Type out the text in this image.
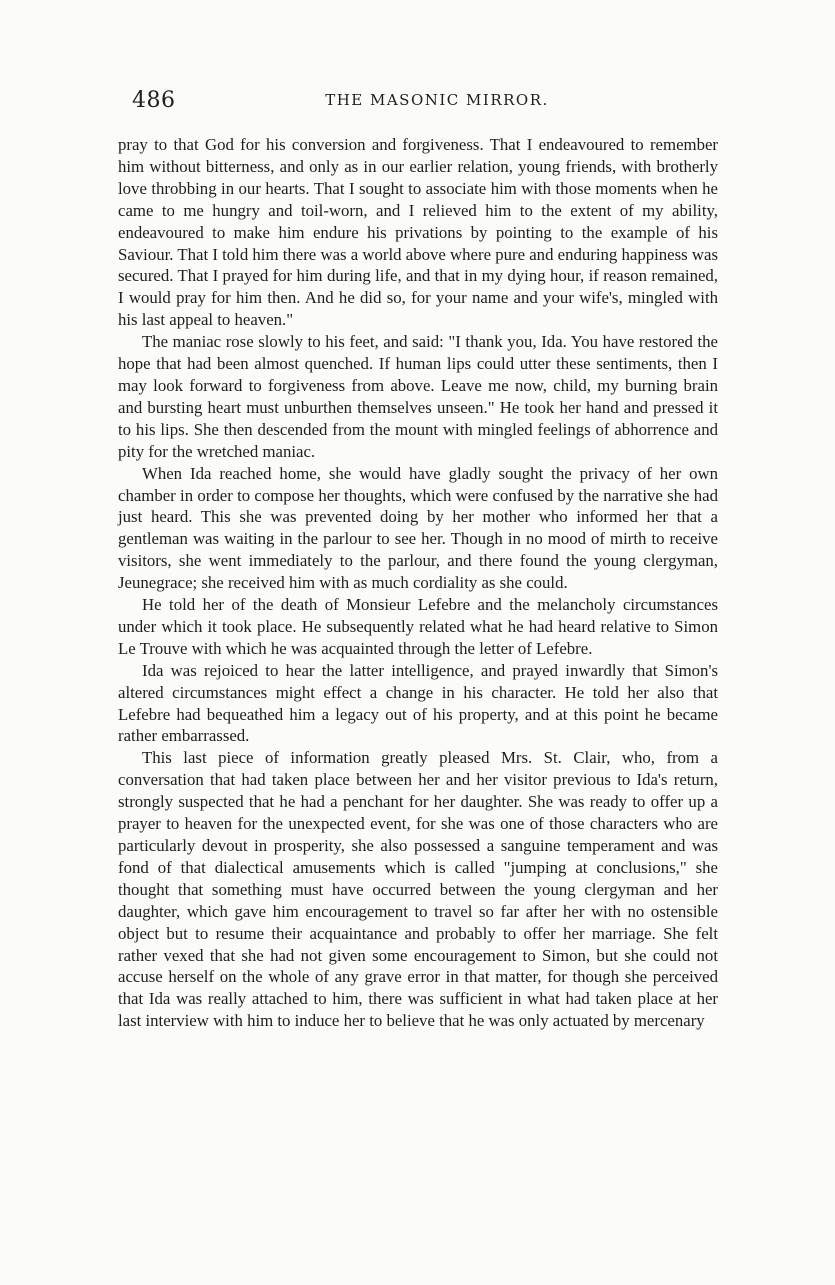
486	THE MASONIC MIRROR.

pray to that God for his conversion and forgiveness. That I endeavoured to remember him without bitterness, and only as in our earlier relation, young friends, with brotherly love throbbing in our hearts. That I sought to associate him with those moments when he came to me hungry and toil-worn, and I relieved him to the extent of my ability, endeavoured to make him endure his privations by pointing to the example of his Saviour. That I told him there was a world above where pure and enduring happiness was secured. That I prayed for him during life, and that in my dying hour, if reason remained, I would pray for him then. And he did so, for your name and your wife's, mingled with his last appeal to heaven."

The maniac rose slowly to his feet, and said: "I thank you, Ida. You have restored the hope that had been almost quenched. If human lips could utter these sentiments, then I may look forward to forgiveness from above. Leave me now, child, my burning brain and bursting heart must unburthen themselves unseen." He took her hand and pressed it to his lips. She then descended from the mount with mingled feelings of abhorrence and pity for the wretched maniac.

When Ida reached home, she would have gladly sought the privacy of her own chamber in order to compose her thoughts, which were confused by the narrative she had just heard. This she was prevented doing by her mother who informed her that a gentleman was waiting in the parlour to see her. Though in no mood of mirth to receive visitors, she went immediately to the parlour, and there found the young clergyman, Jeunegrace; she received him with as much cordiality as she could.

He told her of the death of Monsieur Lefebre and the melancholy circumstances under which it took place. He subsequently related what he had heard relative to Simon Le Trouve with which he was acquainted through the letter of Lefebre.

Ida was rejoiced to hear the latter intelligence, and prayed inwardly that Simon's altered circumstances might effect a change in his character. He told her also that Lefebre had bequeathed him a legacy out of his property, and at this point he became rather embarrassed.

This last piece of information greatly pleased Mrs. St. Clair, who, from a conversation that had taken place between her and her visitor previous to Ida's return, strongly suspected that he had a penchant for her daughter. She was ready to offer up a prayer to heaven for the unexpected event, for she was one of those characters who are particularly devout in prosperity, she also possessed a sanguine temperament and was fond of that dialectical amusements which is called "jumping at conclusions," she thought that something must have occurred between the young clergyman and her daughter, which gave him encouragement to travel so far after her with no ostensible object but to resume their acquaintance and probably to offer her marriage. She felt rather vexed that she had not given some encouragement to Simon, but she could not accuse herself on the whole of any grave error in that matter, for though she perceived that Ida was really attached to him, there was sufficient in what had taken place at her last interview with him to induce her to believe that he was only actuated by mercenary
